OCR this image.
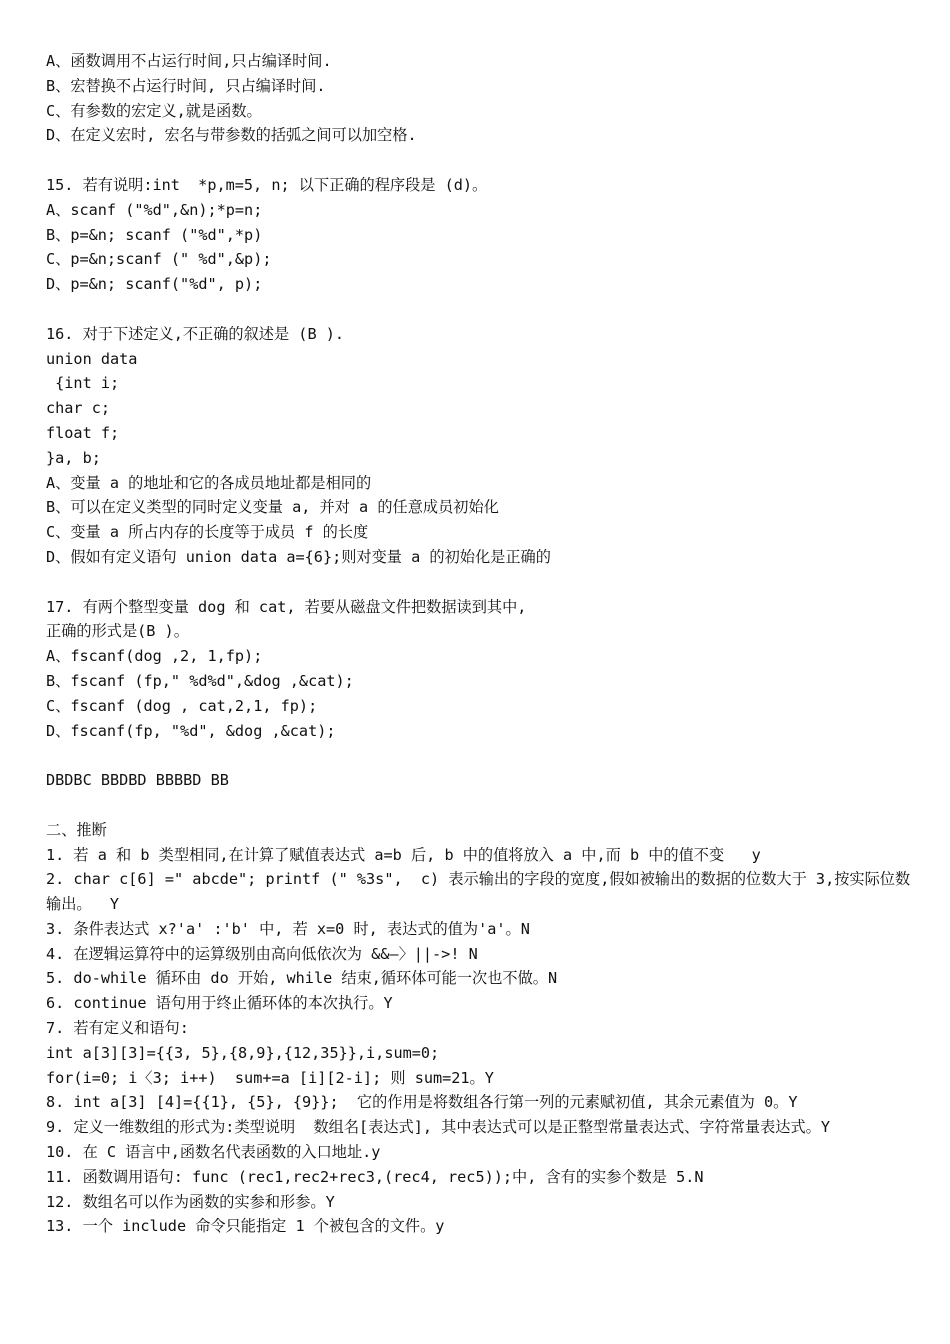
A、函数调用不占运行时间,只占编译时间.
B、宏替换不占运行时间, 只占编译时间.
C、有参数的宏定义,就是函数。
D、在定义宏时, 宏名与带参数的括弧之间可以加空格.
15. 若有说明:int  *p,m=5, n; 以下正确的程序段是 (d)。
A、scanf ("%d",&n);*p=n;
B、p=&n; scanf ("%d",*p)
C、p=&n;scanf (" %d",&p);
D、p=&n; scanf("%d", p);
16. 对于下述定义,不正确的叙述是 (B ).
union data
{int i;
char c;
float f;
}a, b;
A、变量 a 的地址和它的各成员地址都是相同的
B、可以在定义类型的同时定义变量 a, 并对 a 的任意成员初始化
C、变量 a 所占内存的长度等于成员 f 的长度
D、假如有定义语句 union data a={6};则对变量 a 的初始化是正确的
17. 有两个整型变量 dog 和 cat, 若要从磁盘文件把数据读到其中,
正确的形式是(B )。
A、fscanf(dog ,2, 1,fp);
B、fscanf (fp," %d%d",&dog ,&cat);
C、fscanf (dog , cat,2,1, fp);
D、fscanf(fp, "%d", &dog ,&cat);
DBDBC BBDBD BBBBD BB
二、推断
1. 若 a 和 b 类型相同,在计算了赋值表达式 a=b 后, b 中的值将放入 a 中,而 b 中的值不变   y
2. char c[6] =" abcde"; printf (" %3s",  c) 表示输出的字段的宽度,假如被输出的数据的位数大于 3,按实际位数输出。  Y
3. 条件表达式 x?'a' :'b' 中, 若 x=0 时, 表达式的值为'a'。N
4. 在逻辑运算符中的运算级别由高向低依次为 &&—〉||->! N
5. do-while 循环由 do 开始, while 结束,循环体可能一次也不做。N
6. continue 语句用于终止循环体的本次执行。Y
7. 若有定义和语句:
int a[3][3]={{3, 5},{8,9},{12,35}},i,sum=0;
for(i=0; i〈3; i++)  sum+=a [i][2-i]; 则 sum=21。Y
8. int a[3] [4]={{1}, {5}, {9}};  它的作用是将数组各行第一列的元素赋初值, 其余元素值为 0。Y
9. 定义一维数组的形式为:类型说明  数组名[表达式], 其中表达式可以是正整型常量表达式、字符常量表达式。Y
10. 在 C 语言中,函数名代表函数的入口地址.y
11. 函数调用语句: func (rec1,rec2+rec3,(rec4, rec5));中, 含有的实参个数是 5.N
12. 数组名可以作为函数的实参和形参。Y
13. 一个 include 命令只能指定 1 个被包含的文件。y
